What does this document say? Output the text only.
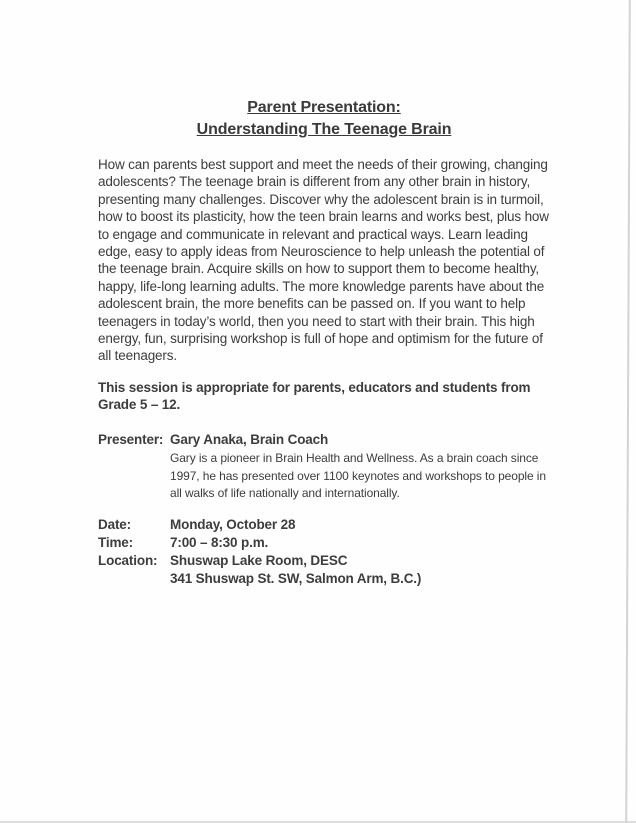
Parent Presentation:
Understanding The Teenage Brain
How can parents best support and meet the needs of their growing, changing adolescents? The teenage brain is different from any other brain in history, presenting many challenges. Discover why the adolescent brain is in turmoil, how to boost its plasticity, how the teen brain learns and works best, plus how to engage and communicate in relevant and practical ways. Learn leading edge, easy to apply ideas from Neuroscience to help unleash the potential of the teenage brain. Acquire skills on how to support them to become healthy, happy, life-long learning adults. The more knowledge parents have about the adolescent brain, the more benefits can be passed on. If you want to help teenagers in today’s world, then you need to start with their brain. This high energy, fun, surprising workshop is full of hope and optimism for the future of all teenagers.
This session is appropriate for parents, educators and students from Grade 5 – 12.
Presenter: Gary Anaka, Brain Coach
Gary is a pioneer in Brain Health and Wellness. As a brain coach since 1997, he has presented over 1100 keynotes and workshops to people in all walks of life nationally and internationally.
Date:	Monday, October 28
Time:	7:00 – 8:30 p.m.
Location: Shuswap Lake Room, DESC
341 Shuswap St. SW, Salmon Arm, B.C.)
